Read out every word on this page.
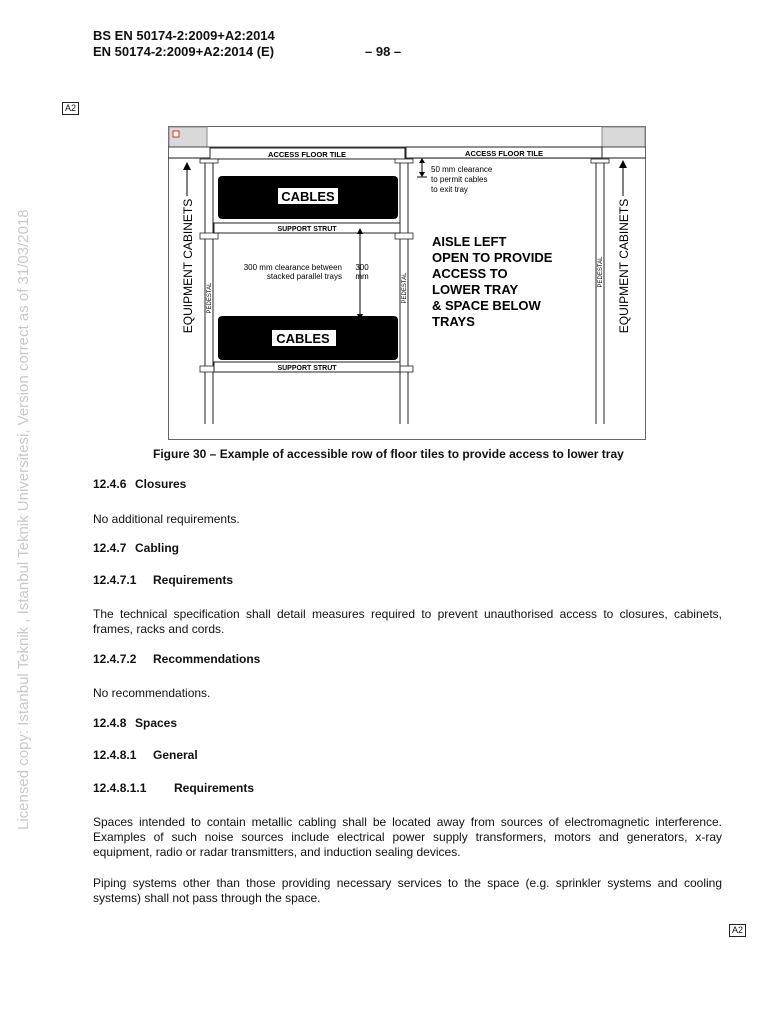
BS EN 50174-2:2009+A2:2014
EN 50174-2:2009+A2:2014 (E)	– 98 –
Licensed copy: Istanbul Teknik , Istanbul Teknik Universitesi, Version correct as of 31/03/2018
A2
ACCESS FLOOR TILE	ACCESS FLOOR TILE
PEDESTAL	PEDESTAL
PEDESTAL
CABLES
SUPPORT STRUT
CABLES
SUPPORT STRUT
300 mm clearance between
stacked parallel trays
300
mm
50 mm clearance
to permit cables
to exit tray
AISLE LEFT
OPEN TO PROVIDE
ACCESS TO
LOWER TRAY
& SPACE BELOW
TRAYS
EQUIPMENT CABINETS	EQUIPMENT CABINETS
Figure 30 – Example of accessible row of floor tiles to provide access to lower tray
12.4.6 Closures
No additional requirements.
12.4.7 Cabling
12.4.7.1 Requirements
The technical specification shall detail measures required to prevent unauthorised access to closures, cabinets, frames, racks and cords.
12.4.7.2 Recommendations
No recommendations.
12.4.8 Spaces
12.4.8.1 General
12.4.8.1.1 Requirements
Spaces intended to contain metallic cabling shall be located away from sources of electromagnetic interference. Examples of such noise sources include electrical power supply transformers, motors and generators, x-ray equipment, radio or radar transmitters, and induction sealing devices.
Piping systems other than those providing necessary services to the space (e.g. sprinkler systems and cooling systems) shall not pass through the space.
A2
